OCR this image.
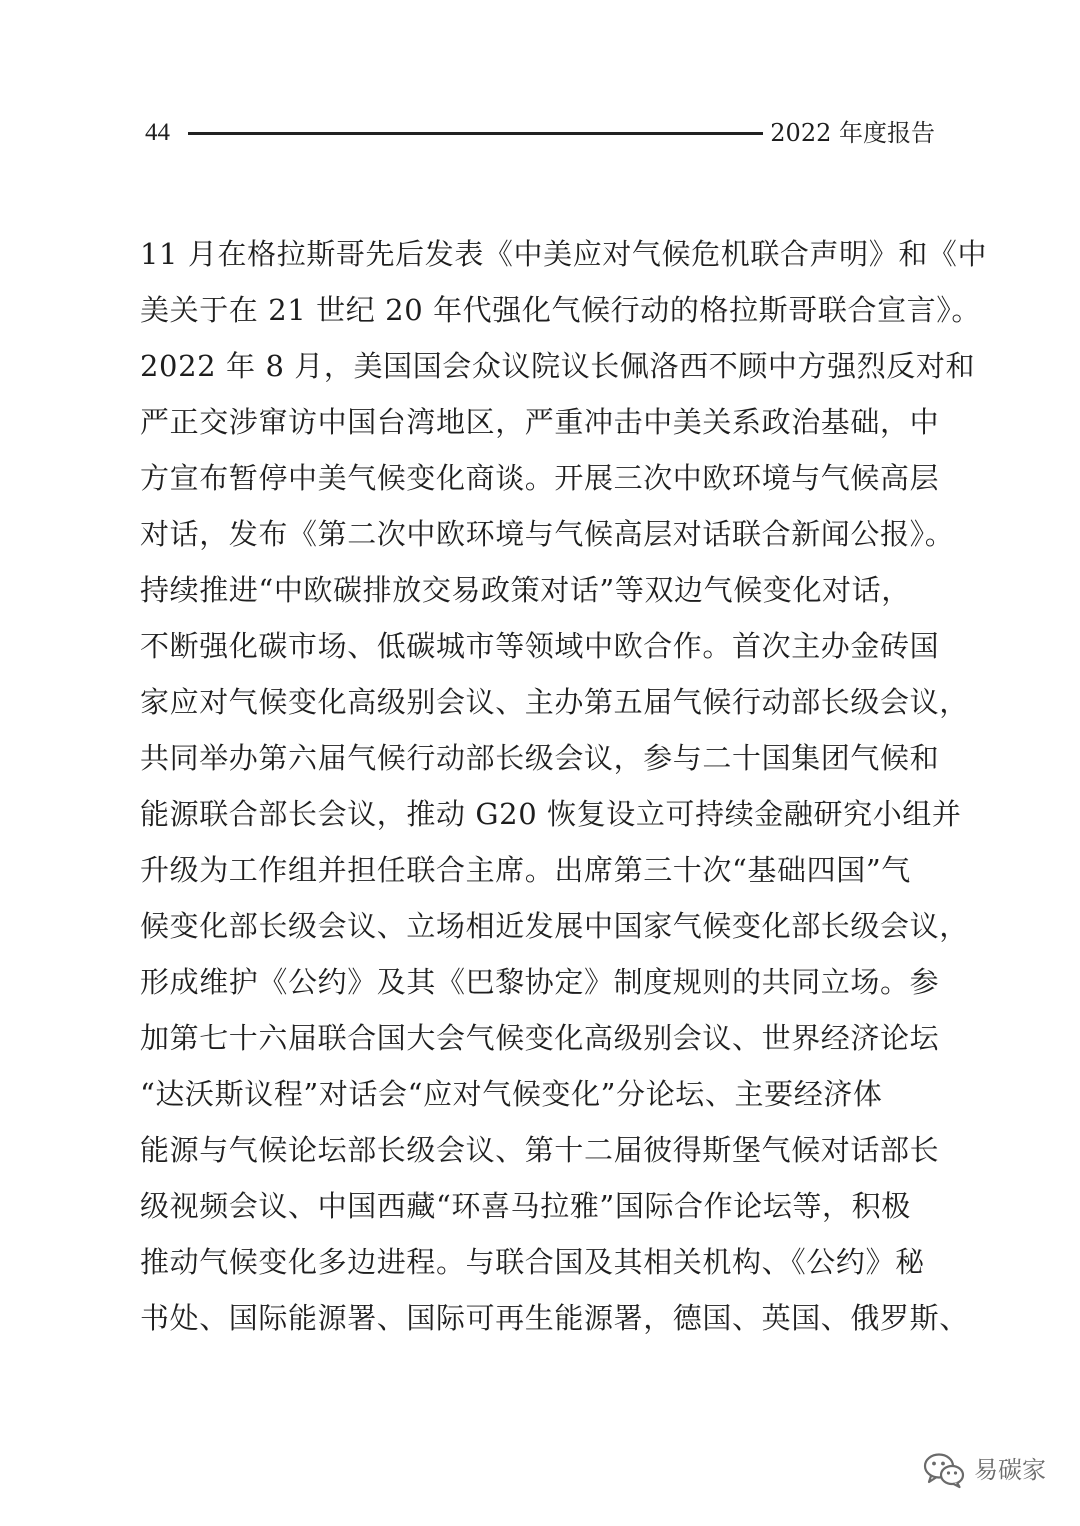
44	2022 年度报告
11 月在格拉斯哥先后发表《中美应对气候危机联合声明》和《中
美关于在 21 世纪 20 年代强化气候行动的格拉斯哥联合宣言》。
2022 年 8 月，美国国会众议院议长佩洛西不顾中方强烈反对和
严正交涉窜访中国台湾地区，严重冲击中美关系政治基础，中
方宣布暂停中美气候变化商谈。开展三次中欧环境与气候高层
对话，发布《第二次中欧环境与气候高层对话联合新闻公报》。
持续推进“中欧碳排放交易政策对话”等双边气候变化对话，
不断强化碳市场、低碳城市等领域中欧合作。首次主办金砖国
家应对气候变化高级别会议、主办第五届气候行动部长级会议，
共同举办第六届气候行动部长级会议，参与二十国集团气候和
能源联合部长会议，推动 G20 恢复设立可持续金融研究小组并
升级为工作组并担任联合主席。出席第三十次“基础四国”气
候变化部长级会议、立场相近发展中国家气候变化部长级会议，
形成维护《公约》及其《巴黎协定》制度规则的共同立场。参
加第七十六届联合国大会气候变化高级别会议、世界经济论坛
“达沃斯议程”对话会“应对气候变化”分论坛、主要经济体
能源与气候论坛部长级会议、第十二届彼得斯堡气候对话部长
级视频会议、中国西藏“环喜马拉雅”国际合作论坛等，积极
推动气候变化多边进程。与联合国及其相关机构、《公约》秘
书处、国际能源署、国际可再生能源署，德国、英国、俄罗斯、
易碳家
